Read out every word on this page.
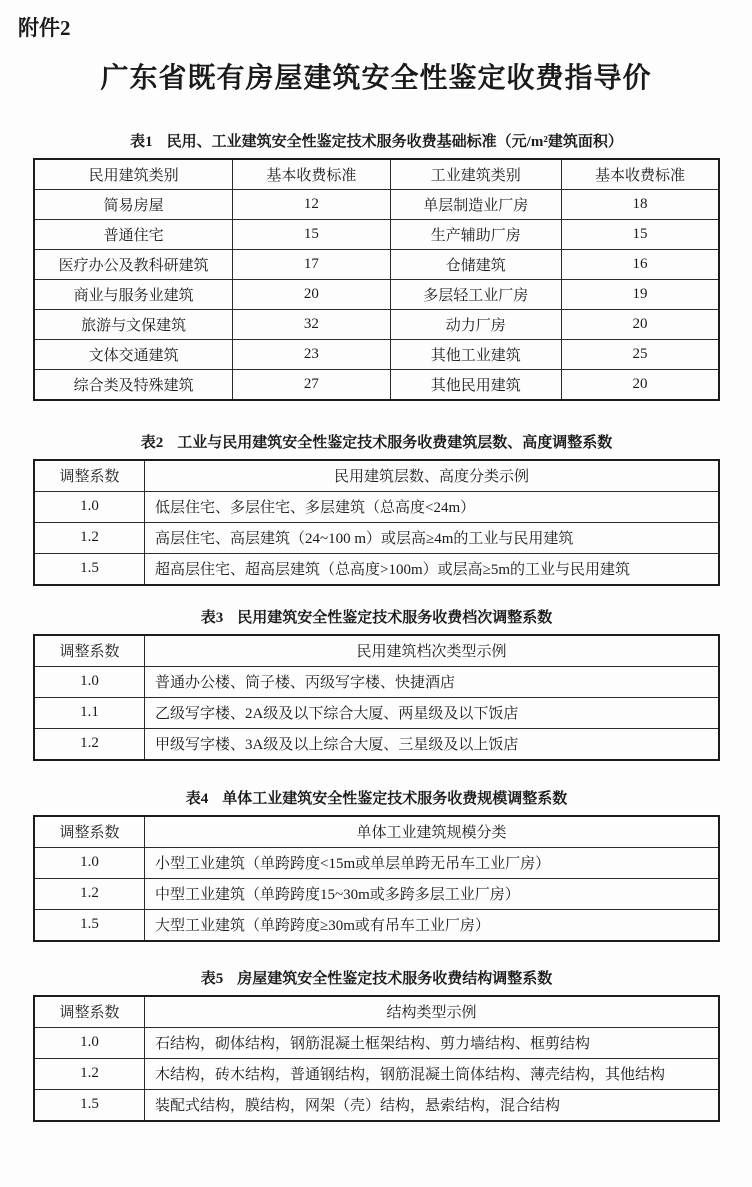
附件2
广东省既有房屋建筑安全性鉴定收费指导价
表1 民用、工业建筑安全性鉴定技术服务收费基础标准（元/m²建筑面积）
民用建筑类别	基本收费标准	工业建筑类别	基本收费标准
简易房屋	12	单层制造业厂房	18
普通住宅	15	生产辅助厂房	15
医疗办公及教科研建筑	17	仓储建筑	16
商业与服务业建筑	20	多层轻工业厂房	19
旅游与文保建筑	32	动力厂房	20
文体交通建筑	23	其他工业建筑	25
综合类及特殊建筑	27	其他民用建筑	20
表2 工业与民用建筑安全性鉴定技术服务收费建筑层数、高度调整系数
调整系数	民用建筑层数、高度分类示例
1.0	低层住宅、多层住宅、多层建筑（总高度<24m）
1.2	高层住宅、高层建筑（24~100 m）或层高≥4m的工业与民用建筑
1.5	超高层住宅、超高层建筑（总高度>100m）或层高≥5m的工业与民用建筑
表3 民用建筑安全性鉴定技术服务收费档次调整系数
调整系数	民用建筑档次类型示例
1.0	普通办公楼、筒子楼、丙级写字楼、快捷酒店
1.1	乙级写字楼、2A级及以下综合大厦、两星级及以下饭店
1.2	甲级写字楼、3A级及以上综合大厦、三星级及以上饭店
表4 单体工业建筑安全性鉴定技术服务收费规模调整系数
调整系数	单体工业建筑规模分类
1.0	小型工业建筑（单跨跨度<15m或单层单跨无吊车工业厂房）
1.2	中型工业建筑（单跨跨度15~30m或多跨多层工业厂房）
1.5	大型工业建筑（单跨跨度≥30m或有吊车工业厂房）
表5 房屋建筑安全性鉴定技术服务收费结构调整系数
调整系数	结构类型示例
1.0	石结构，砌体结构，钢筋混凝土框架结构、剪力墙结构、框剪结构
1.2	木结构，砖木结构，普通钢结构，钢筋混凝土筒体结构、薄壳结构，其他结构
1.5	装配式结构，膜结构，网架（壳）结构，悬索结构，混合结构
